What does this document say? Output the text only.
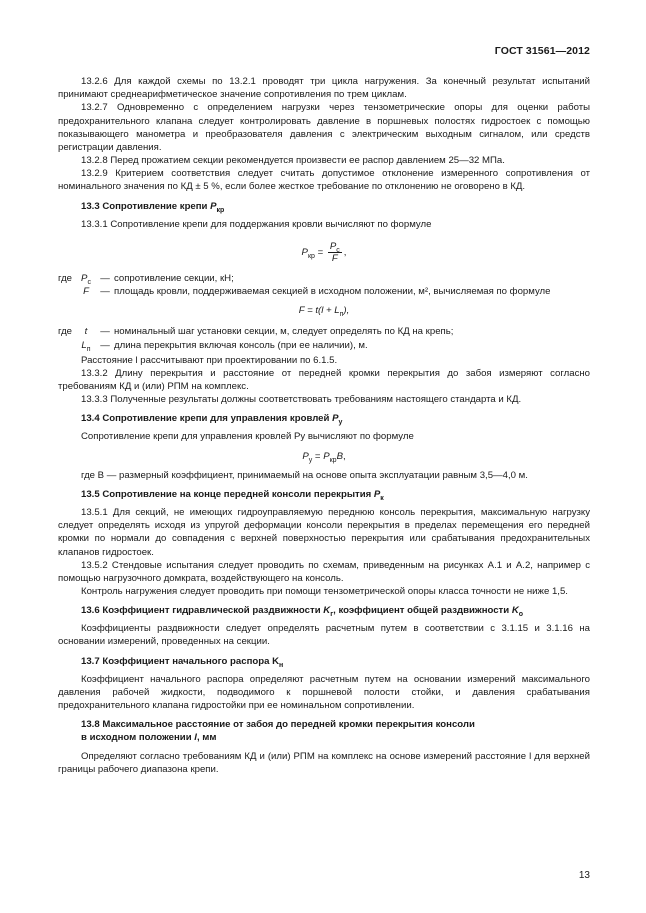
ГОСТ 31561—2012

13.2.6 Для каждой схемы по 13.2.1 проводят три цикла нагружения. За конечный результат испытаний принимают среднеарифметическое значение сопротивления по трем циклам.

13.2.7 Одновременно с определением нагрузки через тензометрические опоры для оценки работы предохранительного клапана следует контролировать давление в поршневых полостях гидростоек с помощью показывающего манометра и преобразователя давления с электрическим выходным сигналом, или средств регистрации давления.

13.2.8 Перед прожатием секции рекомендуется произвести ее распор давлением 25—32 МПа.

13.2.9 Критерием соответствия следует считать допустимое отклонение измеренного сопротивления от номинального значения по КД ± 5 %, если более жесткое требование по отклонению не оговорено в КД.

13.3 Сопротивление крепи $P_{кр}$

13.3.1 Сопротивление крепи для поддержания кровли вычисляют по формуле

$P_{кр} = \frac{P_c}{F}$ ,
где $P_c$ — сопротивление секции, кН;
F	— площадь кровли, поддерживаемая секцией в исходном положении, м², вычисляемая по формуле
$F = t(l + L_п)$,
где	t	— номинальный шаг установки секции, м, следует определять по КД на крепь;
$L_п$	— длина перекрытия включая консоль (при ее наличии), м.

Расстояние l рассчитывают при проектировании по 6.1.5.

13.3.2 Длину перекрытия и расстояние от передней кромки перекрытия до забоя измеряют согласно требованиям КД и (или) РПМ на комплекс.

13.3.3 Полученные результаты должны соответствовать требованиям настоящего стандарта и КД.

13.4 Сопротивление крепи для управления кровлей $P_у$

Сопротивление крепи для управления кровлей Pу вычисляют по формуле

$P_у = P_{кр}B$,

где B — размерный коэффициент, принимаемый на основе опыта эксплуатации равным 3,5—4,0 м.

13.5 Сопротивление на конце передней консоли перекрытия $P_к$

13.5.1 Для секций, не имеющих гидроуправляемую переднюю консоль перекрытия, максимальную нагрузку следует определять исходя из упругой деформации консоли перекрытия в пределах перемещения его передней кромки по нормали до совпадения с верхней поверхностью перекрытия или срабатывания предохранительных клапанов гидростоек.

13.5.2 Стендовые испытания следует проводить по схемам, приведенным на рисунках А.1 и А.2, например с помощью нагрузочного домкрата, воздействующего на консоль.

Контроль нагружения следует проводить при помощи тензометрической опоры класса точности не ниже 1,5.

13.6 Коэффициент гидравлической раздвижности $K_г$, коэффициент общей раздвижности $K_о$

Коэффициенты раздвижности следует определять расчетным путем в соответствии с 3.1.15 и 3.1.16 на основании измерений, проведенных на секции.

13.7 Коэффициент начального распора $K_н$

Коэффициент начального распора определяют расчетным путем на основании измерений максимального давления рабочей жидкости, подводимого к поршневой полости стойки, и давления срабатывания предохранительного клапана гидростойки при ее номинальном сопротивлении.

13.8 Максимальное расстояние от забоя до передней кромки перекрытия консоли
в исходном положении l, мм

Определяют согласно требованиям КД и (или) РПМ на комплекс на основе измерений расстояние l для верхней границы рабочего диапазона крепи.

13
